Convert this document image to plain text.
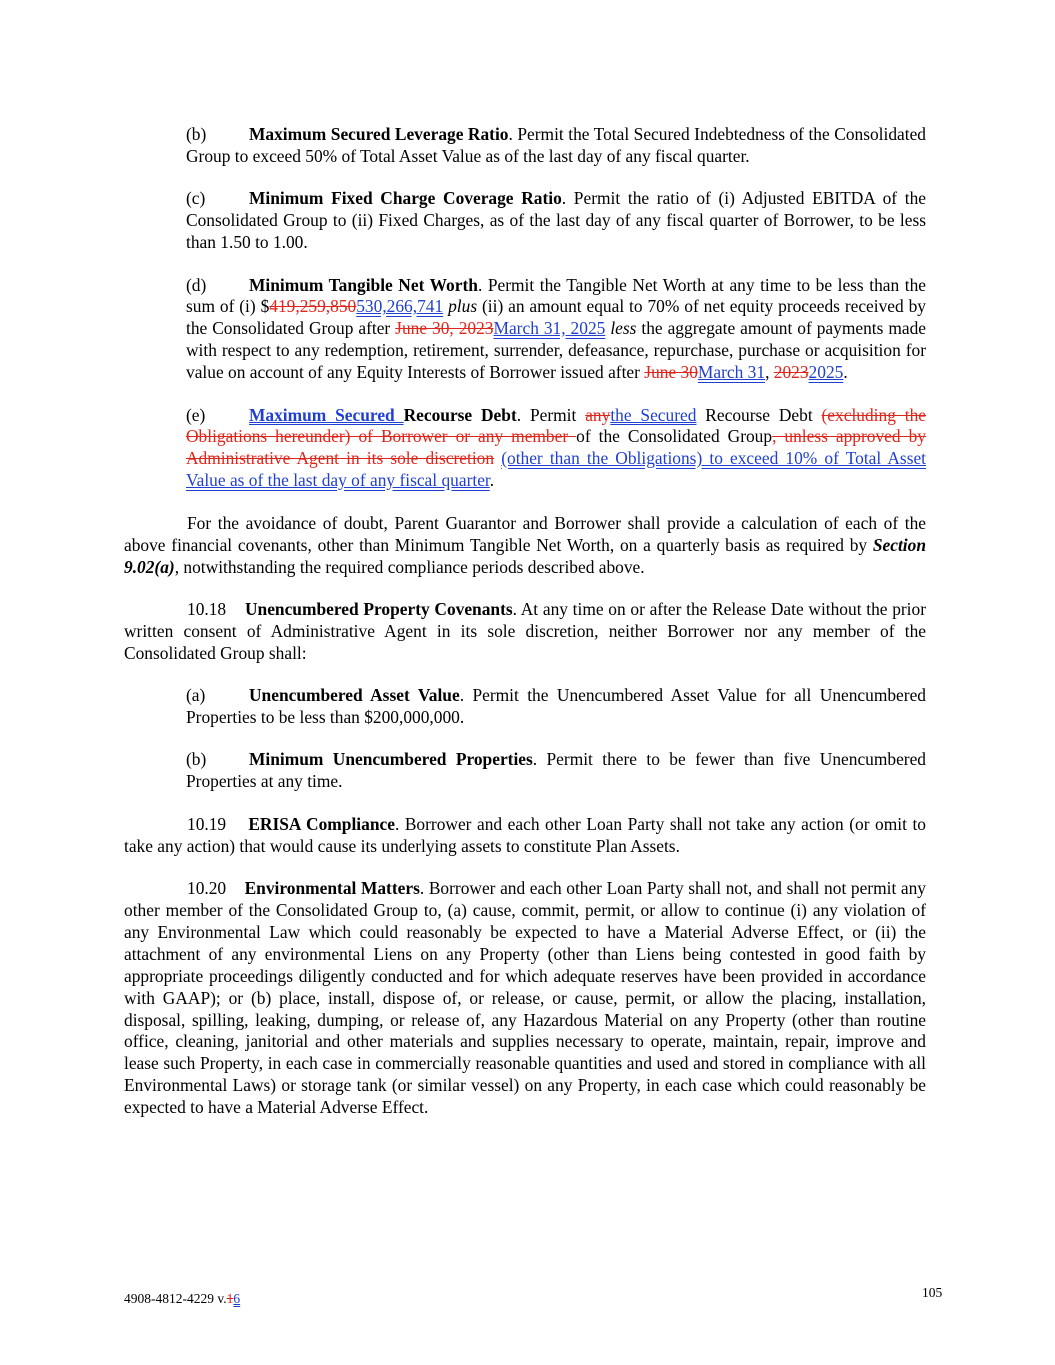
(b) Maximum Secured Leverage Ratio. Permit the Total Secured Indebtedness of the Consolidated Group to exceed 50% of Total Asset Value as of the last day of any fiscal quarter.

(c)	Minimum Fixed Charge Coverage Ratio. Permit the ratio of (i) Adjusted EBITDA of the Consolidated Group to (ii) Fixed Charges, as of the last day of any fiscal quarter of Borrower, to be less than 1.50 to 1.00.

(d) Minimum Tangible Net Worth. Permit the Tangible Net Worth at any time to be less than the sum of (i) $419,259,850530,266,741 plus (ii) an amount equal to 70% of net equity proceeds received by the Consolidated Group after June 30, 2023March 31, 2025 less the aggregate amount of payments made with respect to any redemption, retirement, surrender, defeasance, repurchase, purchase or acquisition for value on account of any Equity Interests of Borrower issued after June 30March 31, 20232025.

(e)	Maximum Secured Recourse Debt. Permit anythe Secured Recourse Debt (excluding the Obligations hereunder) of Borrower or any member of the Consolidated Group, unless approved by Administrative Agent in its sole discretion (other than the Obligations) to exceed 10% of Total Asset Value as of the last day of any fiscal quarter.

For the avoidance of doubt, Parent Guarantor and Borrower shall provide a calculation of each of the above financial covenants, other than Minimum Tangible Net Worth, on a quarterly basis as required by Section 9.02(a), notwithstanding the required compliance periods described above.

10.18 Unencumbered Property Covenants. At any time on or after the Release Date without the prior written consent of Administrative Agent in its sole discretion, neither Borrower nor any member of the Consolidated Group shall:

(a)	Unencumbered Asset Value. Permit the Unencumbered Asset Value for all Unencumbered Properties to be less than $200,000,000.

(b) Minimum Unencumbered Properties. Permit there to be fewer than five Unencumbered Properties at any time.

10.19 ERISA Compliance. Borrower and each other Loan Party shall not take any action (or omit to take any action) that would cause its underlying assets to constitute Plan Assets.

10.20 Environmental Matters. Borrower and each other Loan Party shall not, and shall not permit any other member of the Consolidated Group to, (a) cause, commit, permit, or allow to continue (i) any violation of any Environmental Law which could reasonably be expected to have a Material Adverse Effect, or (ii) the attachment of any environmental Liens on any Property (other than Liens being contested in good faith by appropriate proceedings diligently conducted and for which adequate reserves have been provided in accordance with GAAP); or (b) place, install, dispose of, or release, or cause, permit, or allow the placing, installation, disposal, spilling, leaking, dumping, or release of, any Hazardous Material on any Property (other than routine office, cleaning, janitorial and other materials and supplies necessary to operate, maintain, repair, improve and lease such Property, in each case in commercially reasonable quantities and used and stored in compliance with all Environmental Laws) or storage tank (or similar vessel) on any Property, in each case which could reasonably be expected to have a Material Adverse Effect.

4908-4812-4229 v.16	105
